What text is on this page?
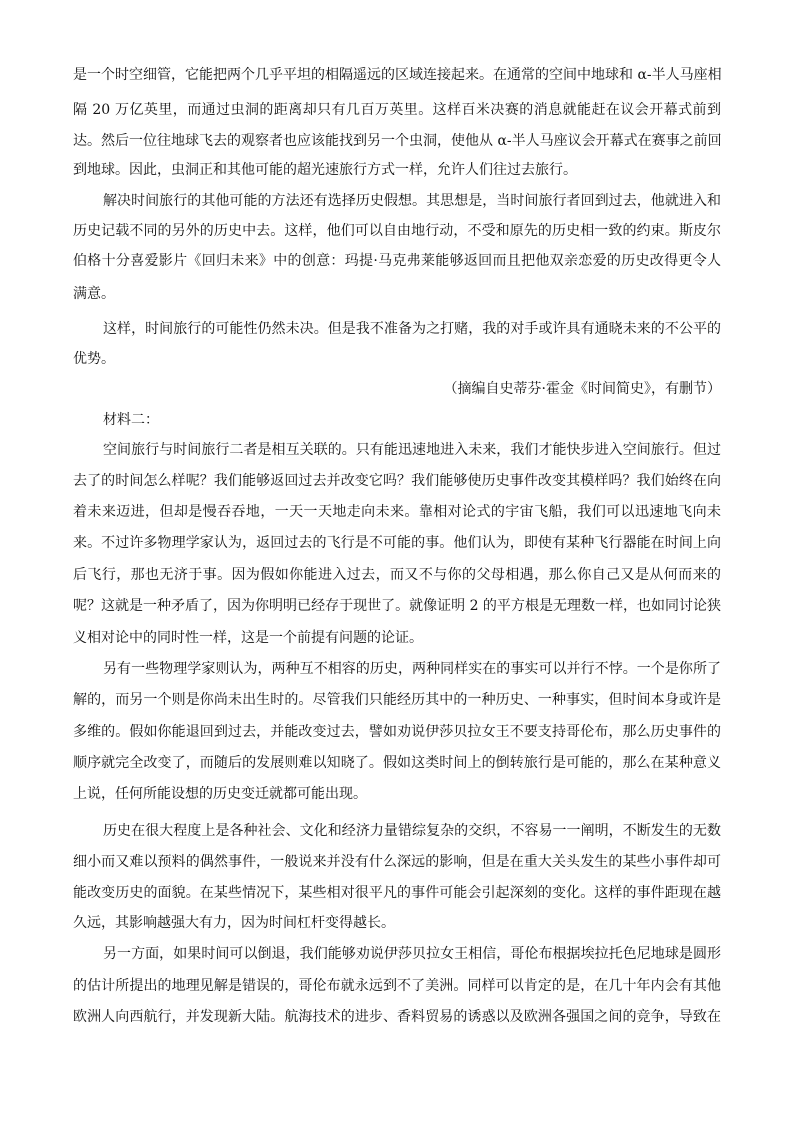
是一个时空细管，它能把两个几乎平坦的相隔遥远的区域连接起来。在通常的空间中地球和 α-半人马座相
隔 20 万亿英里，而通过虫洞的距离却只有几百万英里。这样百米决赛的消息就能赶在议会开幕式前到
达。然后一位往地球飞去的观察者也应该能找到另一个虫洞，使他从 α-半人马座议会开幕式在赛事之前回
到地球。因此，虫洞正和其他可能的超光速旅行方式一样，允许人们往过去旅行。
解决时间旅行的其他可能的方法还有选择历史假想。其思想是，当时间旅行者回到过去，他就进入和
历史记载不同的另外的历史中去。这样，他们可以自由地行动，不受和原先的历史相一致的约束。斯皮尔
伯格十分喜爱影片《回归未来》中的创意：玛提·马克弗莱能够返回而且把他双亲恋爱的历史改得更令人
满意。
这样，时间旅行的可能性仍然未决。但是我不准备为之打赌，我的对手或许具有通晓未来的不公平的
优势。
（摘编自史蒂芬·霍金《时间简史》，有删节）
材料二：
空间旅行与时间旅行二者是相互关联的。只有能迅速地进入未来，我们才能快步进入空间旅行。但过
去了的时间怎么样呢？我们能够返回过去并改变它吗？我们能够使历史事件改变其模样吗？我们始终在向
着未来迈进，但却是慢吞吞地，一天一天地走向未来。靠相对论式的宇宙飞船，我们可以迅速地飞向未
来。不过许多物理学家认为，返回过去的飞行是不可能的事。他们认为，即使有某种飞行器能在时间上向
后飞行，那也无济于事。因为假如你能进入过去，而又不与你的父母相遇，那么你自己又是从何而来的
呢？这就是一种矛盾了，因为你明明已经存于现世了。就像证明 2 的平方根是无理数一样，也如同讨论狭
义相对论中的同时性一样，这是一个前提有问题的论证。
另有一些物理学家则认为，两种互不相容的历史，两种同样实在的事实可以并行不悖。一个是你所了
解的，而另一个则是你尚未出生时的。尽管我们只能经历其中的一种历史、一种事实，但时间本身或许是
多维的。假如你能退回到过去，并能改变过去，譬如劝说伊莎贝拉女王不要支持哥伦布，那么历史事件的
顺序就完全改变了，而随后的发展则难以知晓了。假如这类时间上的倒转旅行是可能的，那么在某种意义
上说，任何所能设想的历史变迁就都可能出现。
历史在很大程度上是各种社会、文化和经济力量错综复杂的交织，不容易一一阐明，不断发生的无数
细小而又难以预料的偶然事件，一般说来并没有什么深远的影响，但是在重大关头发生的某些小事件却可
能改变历史的面貌。在某些情况下，某些相对很平凡的事件可能会引起深刻的变化。这样的事件距现在越
久远，其影响越强大有力，因为时间杠杆变得越长。
另一方面，如果时间可以倒退，我们能够劝说伊莎贝拉女王相信，哥伦布根据埃拉托色尼地球是圆形
的估计所提出的地理见解是错误的，哥伦布就永远到不了美洲。同样可以肯定的是，在几十年内会有其他
欧洲人向西航行，并发现新大陆。航海技术的进步、香料贸易的诱惑以及欧洲各强国之间的竞争，导致在
